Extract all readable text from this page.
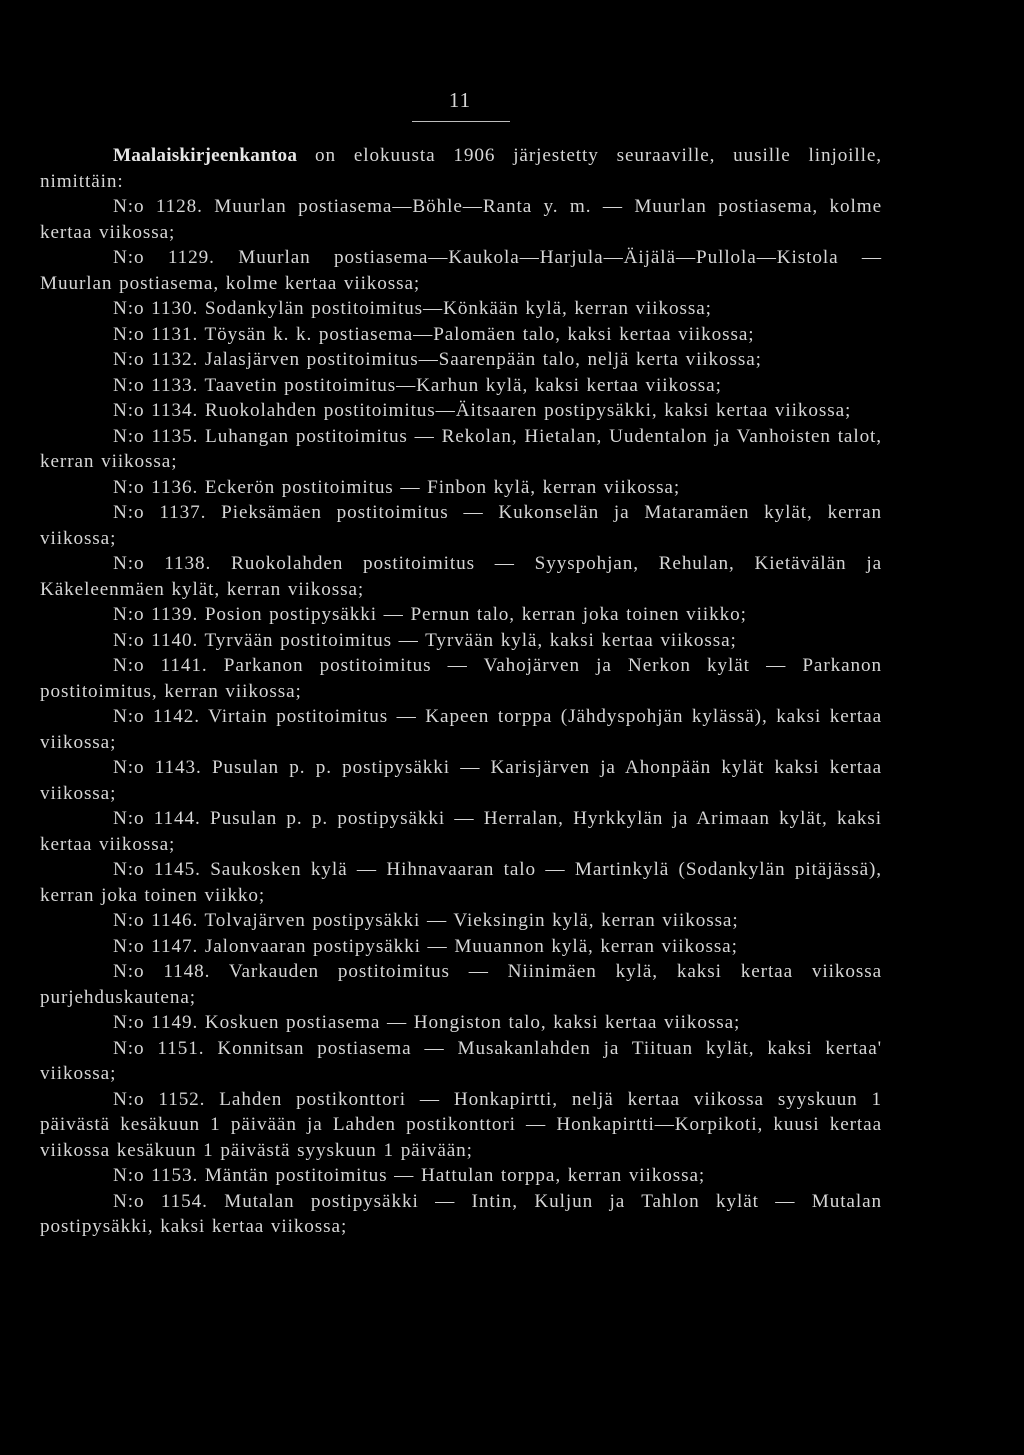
11

Maalaiskirjeenkantoa on elokuusta 1906 järjestetty seuraaville, uusille linjoille, nimittäin:

N:o 1128. Muurlan postiasema—Böhle—Ranta y. m. — Muurlan postiasema, kolme kertaa viikossa;

N:o 1129. Muurlan postiasema—Kaukola—Harjula—Äijälä—Pullola—Kistola —Muurlan postiasema, kolme kertaa viikossa;

N:o 1130. Sodankylän postitoimitus—Könkään kylä, kerran viikossa;

N:o 1131. Töysän k. k. postiasema—Palomäen talo, kaksi kertaa viikossa;

N:o 1132. Jalasjärven postitoimitus—Saarenpään talo, neljä kerta viikossa;

N:o 1133. Taavetin postitoimitus—Karhun kylä, kaksi kertaa viikossa;

N:o 1134. Ruokolahden postitoimitus—Äitsaaren postipysäkki, kaksi kertaa viikossa;

N:o 1135. Luhangan postitoimitus — Rekolan, Hietalan, Uudentalon ja Vanhoisten talot, kerran viikossa;

N:o 1136. Eckerön postitoimitus — Finbon kylä, kerran viikossa;

N:o 1137. Pieksämäen postitoimitus — Kukonselän ja Mataramäen kylät, kerran viikossa;

N:o 1138. Ruokolahden postitoimitus — Syyspohjan, Rehulan, Kietävälän ja Käkeleenmäen kylät, kerran viikossa;

N:o 1139. Posion postipysäkki — Pernun talo, kerran joka toinen viikko;

N:o 1140. Tyrvään postitoimitus — Tyrvään kylä, kaksi kertaa viikossa;

N:o 1141. Parkanon postitoimitus — Vahojärven ja Nerkon kylät — Parkanon postitoimitus, kerran viikossa;

N:o 1142. Virtain postitoimitus — Kapeen torppa (Jähdyspohjän kylässä), kaksi kertaa viikossa;

N:o 1143. Pusulan p. p. postipysäkki — Karisjärven ja Ahonpään kylät kaksi kertaa viikossa;

N:o 1144. Pusulan p. p. postipysäkki — Herralan, Hyrkkylän ja Arimaan kylät, kaksi kertaa viikossa;

N:o 1145. Saukosken kylä — Hihnavaaran talo — Martinkylä (Sodankylän pitäjässä), kerran joka toinen viikko;

N:o 1146. Tolvajärven postipysäkki — Vieksingin kylä, kerran viikossa;

N:o 1147. Jalonvaaran postipysäkki — Muuannon kylä, kerran viikossa;

N:o 1148. Varkauden postitoimitus — Niinimäen kylä, kaksi kertaa viikossa purjehduskautena;

N:o 1149. Koskuen postiasema — Hongiston talo, kaksi kertaa viikossa;

N:o 1151. Konnitsan postiasema — Musakanlahden ja Tiituan kylät, kaksi kertaa' viikossa;

N:o 1152. Lahden postikonttori — Honkapirtti, neljä kertaa viikossa syyskuun 1 päivästä kesäkuun 1 päivään ja Lahden postikonttori — Honkapirtti—Korpikoti, kuusi kertaa viikossa kesäkuun 1 päivästä syyskuun 1 päivään;

N:o 1153. Mäntän postitoimitus — Hattulan torppa, kerran viikossa;

N:o 1154. Mutalan postipysäkki — Intin, Kuljun ja Tahlon kylät — Mutalan postipysäkki, kaksi kertaa viikossa;
